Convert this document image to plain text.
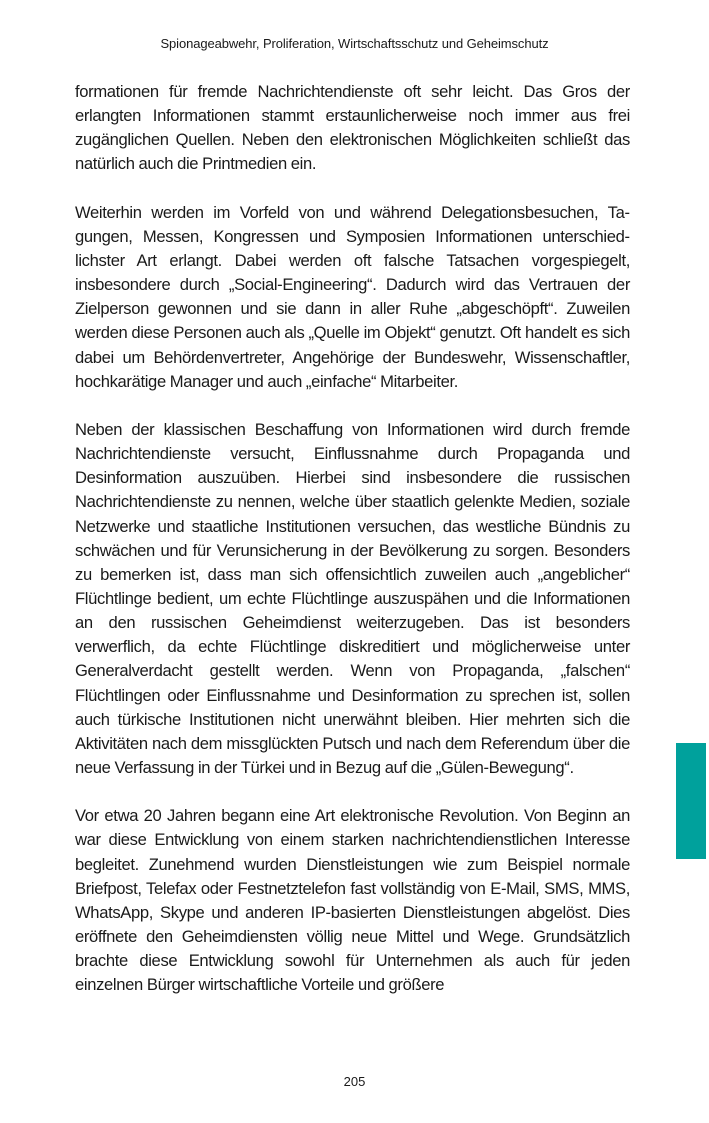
Spionageabwehr, Proliferation, Wirtschaftsschutz und Geheimschutz

formationen für fremde Nachrichtendienste oft sehr leicht. Das Gros der erlangten Informationen stammt erstaunlicherweise noch immer aus frei zugänglichen Quellen. Neben den elektronischen Möglichkeiten schließt das natürlich auch die Printmedien ein.

Weiterhin werden im Vorfeld von und während Delegationsbesuchen, Tagungen, Messen, Kongressen und Symposien Informationen unterschiedlichster Art erlangt. Dabei werden oft falsche Tatsachen vorgespiegelt, insbesondere durch „Social-Engineering“. Dadurch wird das Vertrauen der Zielperson gewonnen und sie dann in aller Ruhe „abgeschöpft“. Zuweilen werden diese Personen auch als „Quelle im Objekt“ genutzt. Oft handelt es sich dabei um Behördenvertreter, Angehörige der Bundeswehr, Wissenschaftler, hochkarätige Manager und auch „einfache“ Mitarbeiter.

Neben der klassischen Beschaffung von Informationen wird durch fremde Nachrichtendienste versucht, Einflussnahme durch Propaganda und Desinformation auszuüben. Hierbei sind insbesondere die russischen Nachrichtendienste zu nennen, welche über staatlich gelenkte Medien, soziale Netzwerke und staatliche Institutionen versuchen, das westliche Bündnis zu schwächen und für Verunsicherung in der Bevölkerung zu sorgen. Besonders zu bemerken ist, dass man sich offensichtlich zuweilen auch „angeblicher“ Flüchtlinge bedient, um echte Flüchtlinge auszuspähen und die Informationen an den russischen Geheimdienst weiterzugeben. Das ist besonders verwerflich, da echte Flüchtlinge diskreditiert und möglicherweise unter Generalverdacht gestellt werden. Wenn von Propaganda, „falschen“ Flüchtlingen oder Einflussnahme und Desinformation zu sprechen ist, sollen auch türkische Institutionen nicht unerwähnt bleiben. Hier mehrten sich die Aktivitäten nach dem missglückten Putsch und nach dem Referendum über die neue Verfassung in der Türkei und in Bezug auf die „Gülen-Bewegung“.

Vor etwa 20 Jahren begann eine Art elektronische Revolution. Von Beginn an war diese Entwicklung von einem starken nachrichtendienstlichen Interesse begleitet. Zunehmend wurden Dienstleistungen wie zum Beispiel normale Briefpost, Telefax oder Festnetztelefon fast vollständig von E-Mail, SMS, MMS, WhatsApp, Skype und anderen IP-basierten Dienstleistungen abgelöst. Dies eröffnete den Geheimdiensten völlig neue Mittel und Wege. Grundsätzlich brachte diese Entwicklung sowohl für Unternehmen als auch für jeden einzelnen Bürger wirtschaftliche Vorteile und größere

205
